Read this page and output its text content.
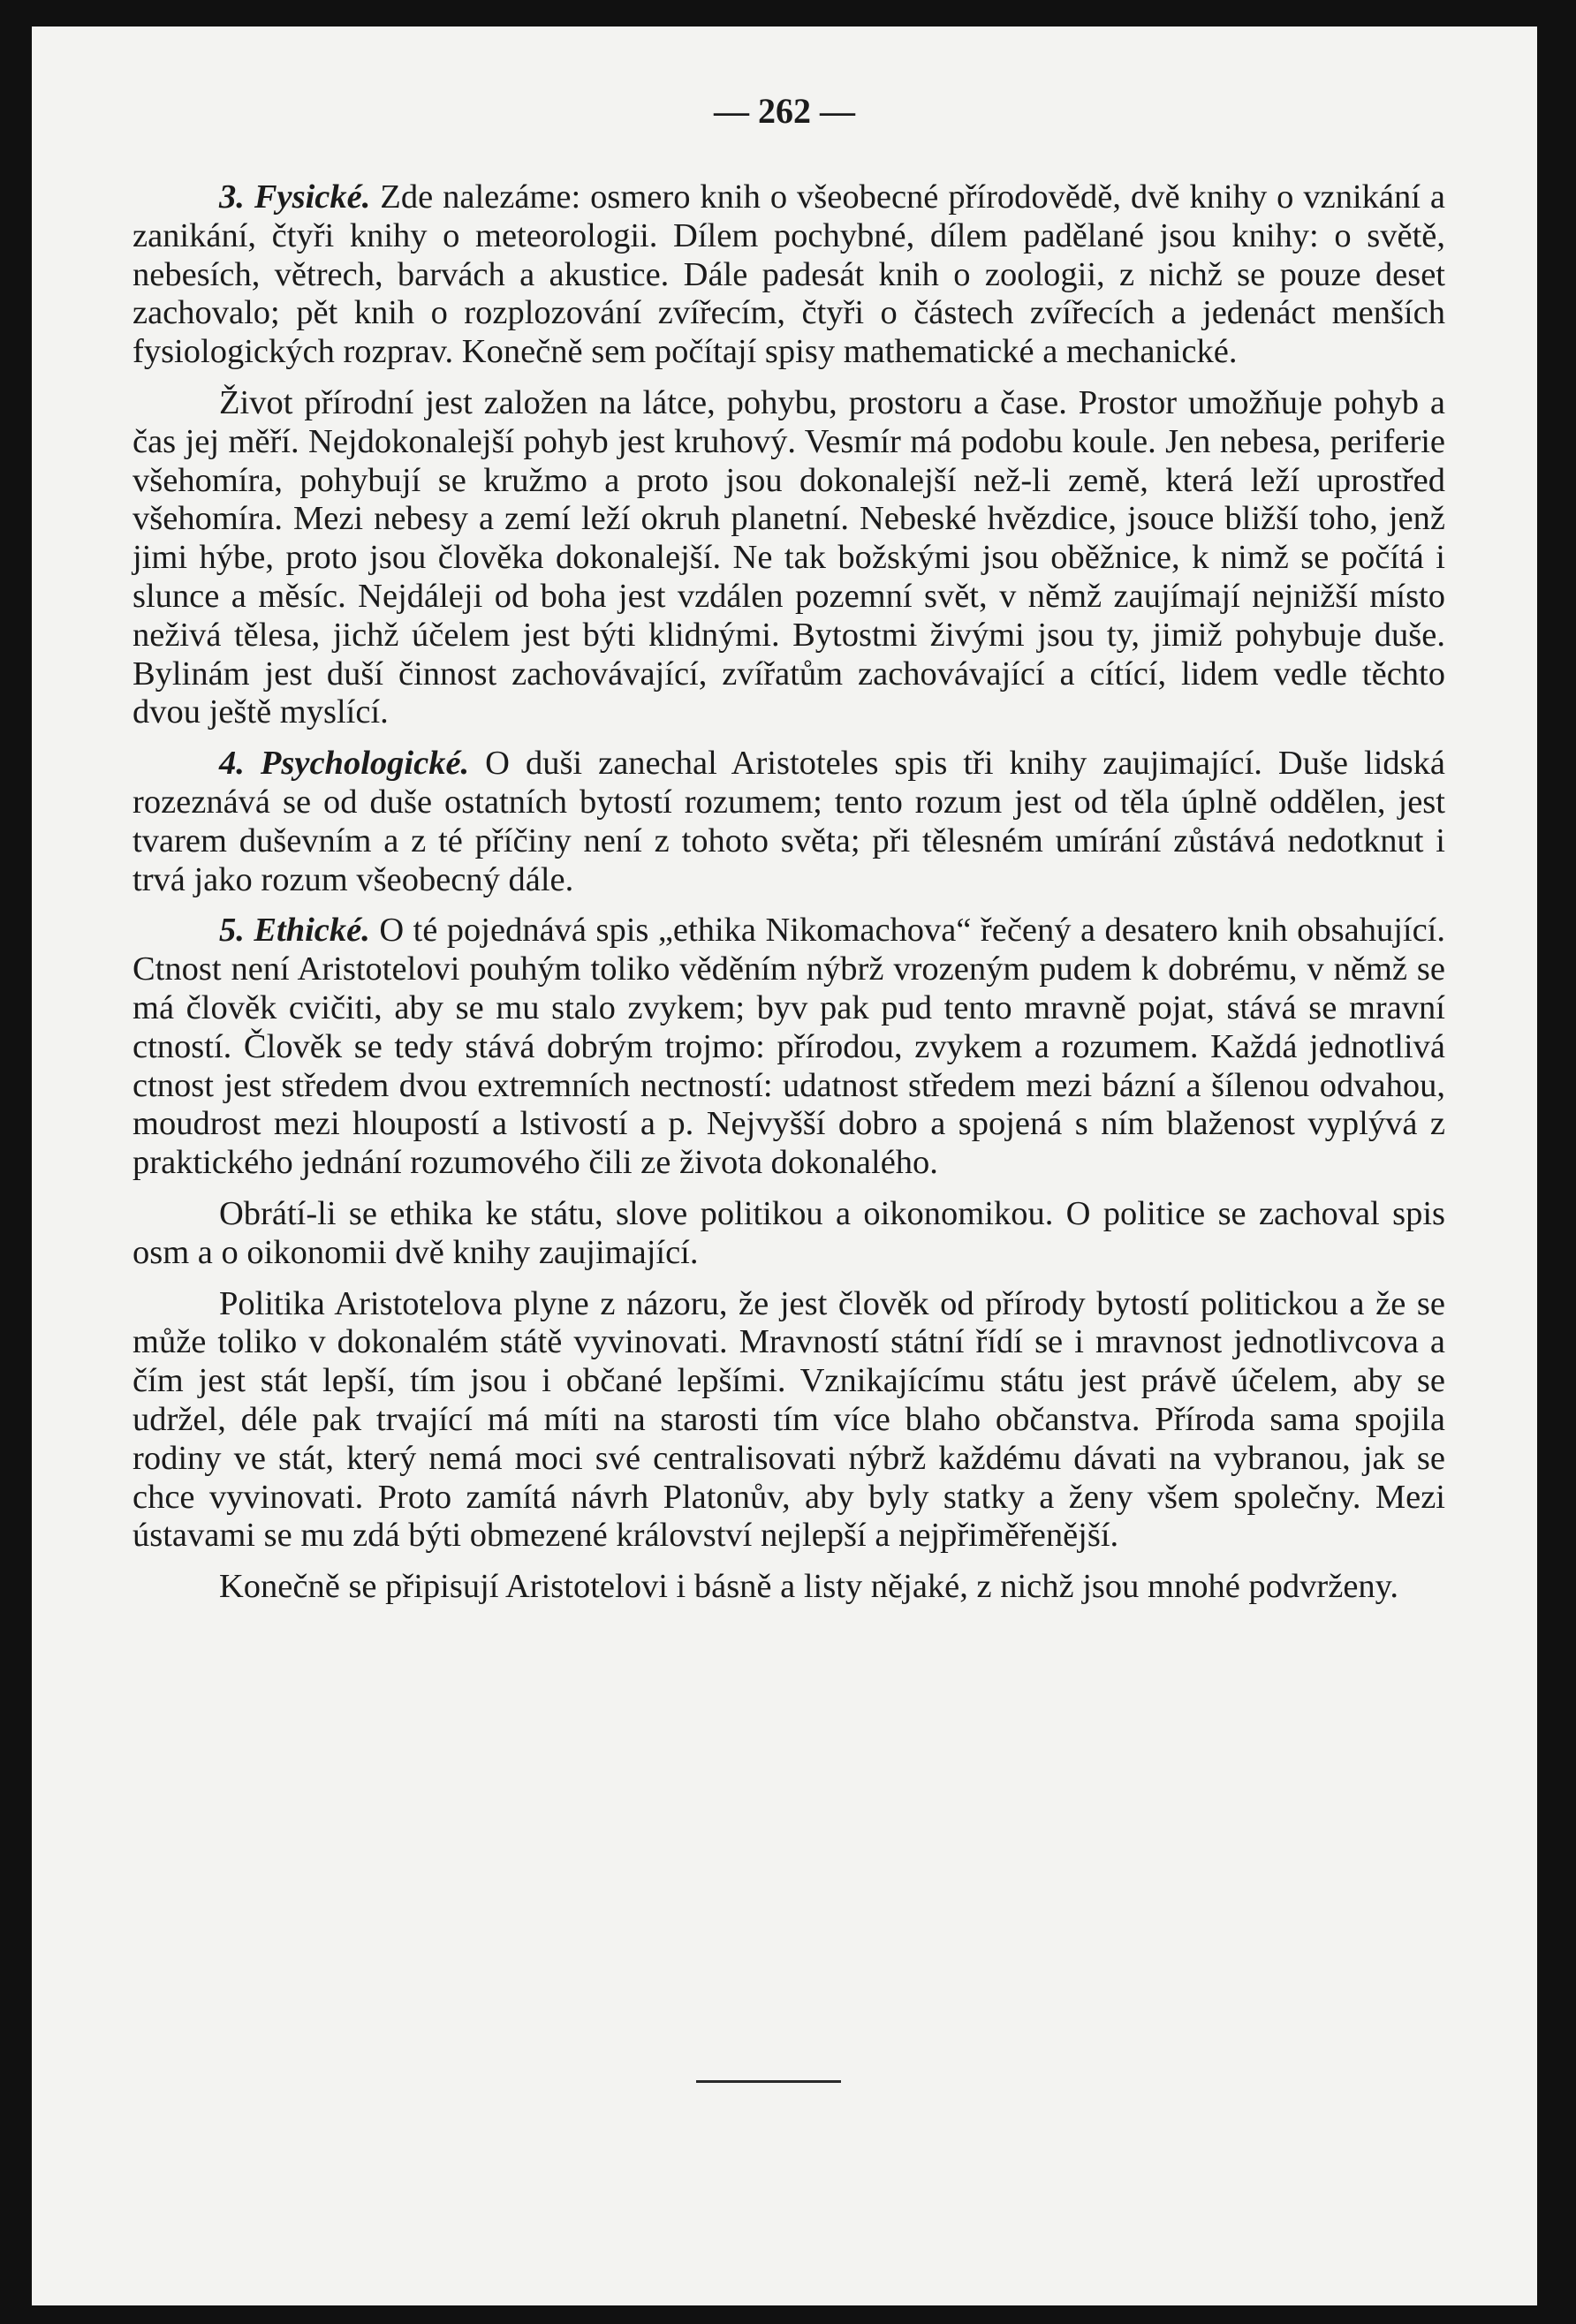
— 262 —

3. Fysické. Zde nalezáme: osmero knih o všeobecné přírodovědě, dvě knihy o vznikání a zanikání, čtyři knihy o meteorologii. Dílem pochybné, dílem padělané jsou knihy: o světě, nebesích, větrech, barvách a akustice. Dále padesát knih o zoologii, z nichž se pouze deset zachovalo; pět knih o rozplozování zvířecím, čtyři o částech zvířecích a jedenáct menších fysiologických rozprav. Konečně sem počítají spisy mathematické a mechanické.

Život přírodní jest založen na látce, pohybu, prostoru a čase. Prostor umožňuje pohyb a čas jej měří. Nejdokonalejší pohyb jest kruhový. Vesmír má podobu koule. Jen nebesa, periferie všehomíra, pohybují se kružmo a proto jsou dokonalejší než-li země, která leží uprostřed všehomíra. Mezi nebesy a zemí leží okruh planetní. Nebeské hvězdice, jsouce bližší toho, jenž jimi hýbe, proto jsou člověka dokonalejší. Ne tak božskými jsou oběžnice, k nimž se počítá i slunce a měsíc. Nejdáleji od boha jest vzdálen pozemní svět, v němž zaujímají nejnižší místo neživá tělesa, jichž účelem jest býti klidnými. Bytostmi živými jsou ty, jimiž pohybuje duše. Bylinám jest duší činnost zachovávající, zvířatům zachovávající a cítící, lidem vedle těchto dvou ještě myslící.

4. Psychologické. O duši zanechal Aristoteles spis tři knihy zaujimající. Duše lidská rozeznává se od duše ostatních bytostí rozumem; tento rozum jest od těla úplně oddělen, jest tvarem duševním a z té příčiny není z tohoto světa; při tělesném umírání zůstává nedotknut i trvá jako rozum všeobecný dále.

5. Ethické. O té pojednává spis „ethika Nikomachova“ řečený a desatero knih obsahující. Ctnost není Aristotelovi pouhým toliko věděním nýbrž vrozeným pudem k dobrému, v němž se má člověk cvičiti, aby se mu stalo zvykem; byv pak pud tento mravně pojat, stává se mravní ctností. Člověk se tedy stává dobrým trojmo: přírodou, zvykem a rozumem. Každá jednotlivá ctnost jest středem dvou extremních nectností: udatnost středem mezi bázní a šílenou odvahou, moudrost mezi hloupostí a lstivostí a p. Nejvyšší dobro a spojená s ním blaženost vyplývá z praktického jednání rozumového čili ze života dokonalého.

Obrátí-li se ethika ke státu, slove politikou a oikonomikou. O politice se zachoval spis osm a o oikonomii dvě knihy zaujimající.

Politika Aristotelova plyne z názoru, že jest člověk od přírody bytostí politickou a že se může toliko v dokonalém státě vyvinovati. Mravností státní řídí se i mravnost jednotlivcova a čím jest stát lepší, tím jsou i občané lepšími. Vznikajícímu státu jest právě účelem, aby se udržel, déle pak trvající má míti na starosti tím více blaho občanstva. Příroda sama spojila rodiny ve stát, který nemá moci své centralisovati nýbrž každému dávati na vybranou, jak se chce vyvinovati. Proto zamítá návrh Platonův, aby byly statky a ženy všem společny. Mezi ústavami se mu zdá býti obmezené království nejlepší a nejpřiměřenější.

Konečně se připisují Aristotelovi i básně a listy nějaké, z nichž jsou mnohé podvrženy.
